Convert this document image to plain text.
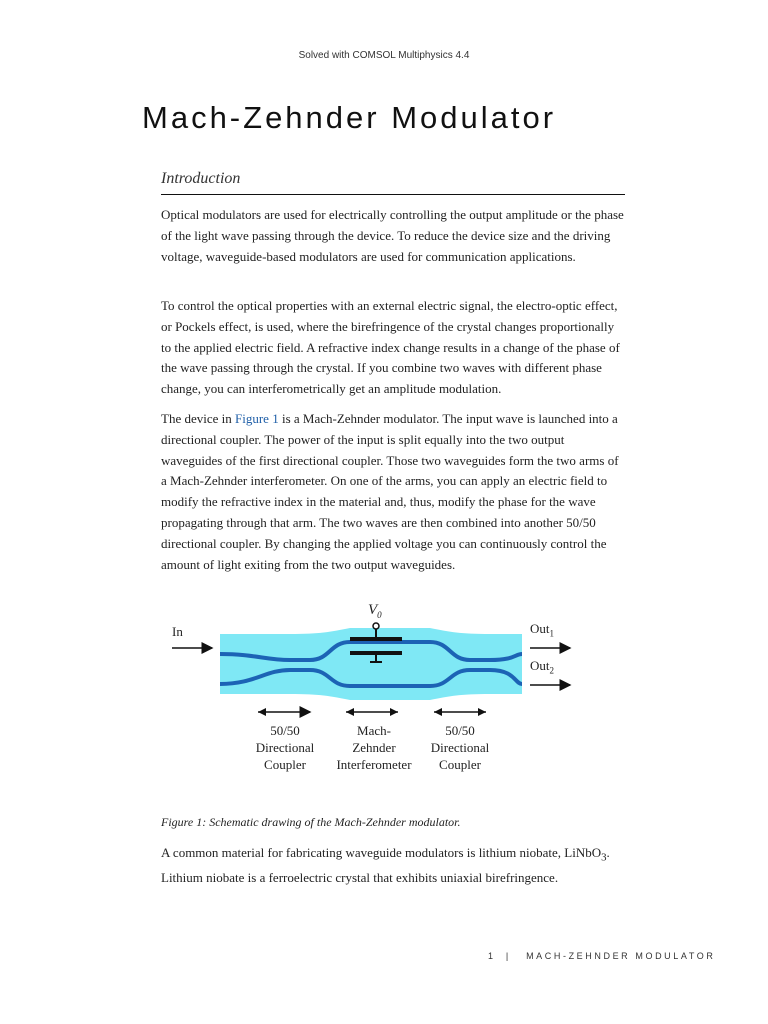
Solved with COMSOL Multiphysics 4.4
Mach-Zehnder Modulator
Introduction

Optical modulators are used for electrically controlling the output amplitude or the phase of the light wave passing through the device. To reduce the device size and the driving voltage, waveguide-based modulators are used for communication applications.

To control the optical properties with an external electric signal, the electro-optic effect, or Pockels effect, is used, where the birefringence of the crystal changes proportionally to the applied electric field. A refractive index change results in a change of the phase of the wave passing through the crystal. If you combine two waves with different phase change, you can interferometrically get an amplitude modulation.

The device in Figure 1 is a Mach-Zehnder modulator. The input wave is launched into a directional coupler. The power of the input is split equally into the two output waveguides of the first directional coupler. Those two waveguides form the two arms of a Mach-Zehnder interferometer. On one of the arms, you can apply an electric field to modify the refractive index in the material and, thus, modify the phase for the wave propagating through that arm. The two waves are then combined into another 50/50 directional coupler. By changing the applied voltage you can continuously control the amount of light exiting from the two output waveguides.

$V_0$
In	Out$_1$
Out$_2$
50/50
Directional
Coupler
Mach-
Zehnder
Interferometer
50/50
Directional
Coupler
Figure 1: Schematic drawing of the Mach-Zehnder modulator.

A common material for fabricating waveguide modulators is lithium niobate, LiNbO$_3$. Lithium niobate is a ferroelectric crystal that exhibits uniaxial birefringence.

1 | MACH-ZEHNDER MODULATOR
